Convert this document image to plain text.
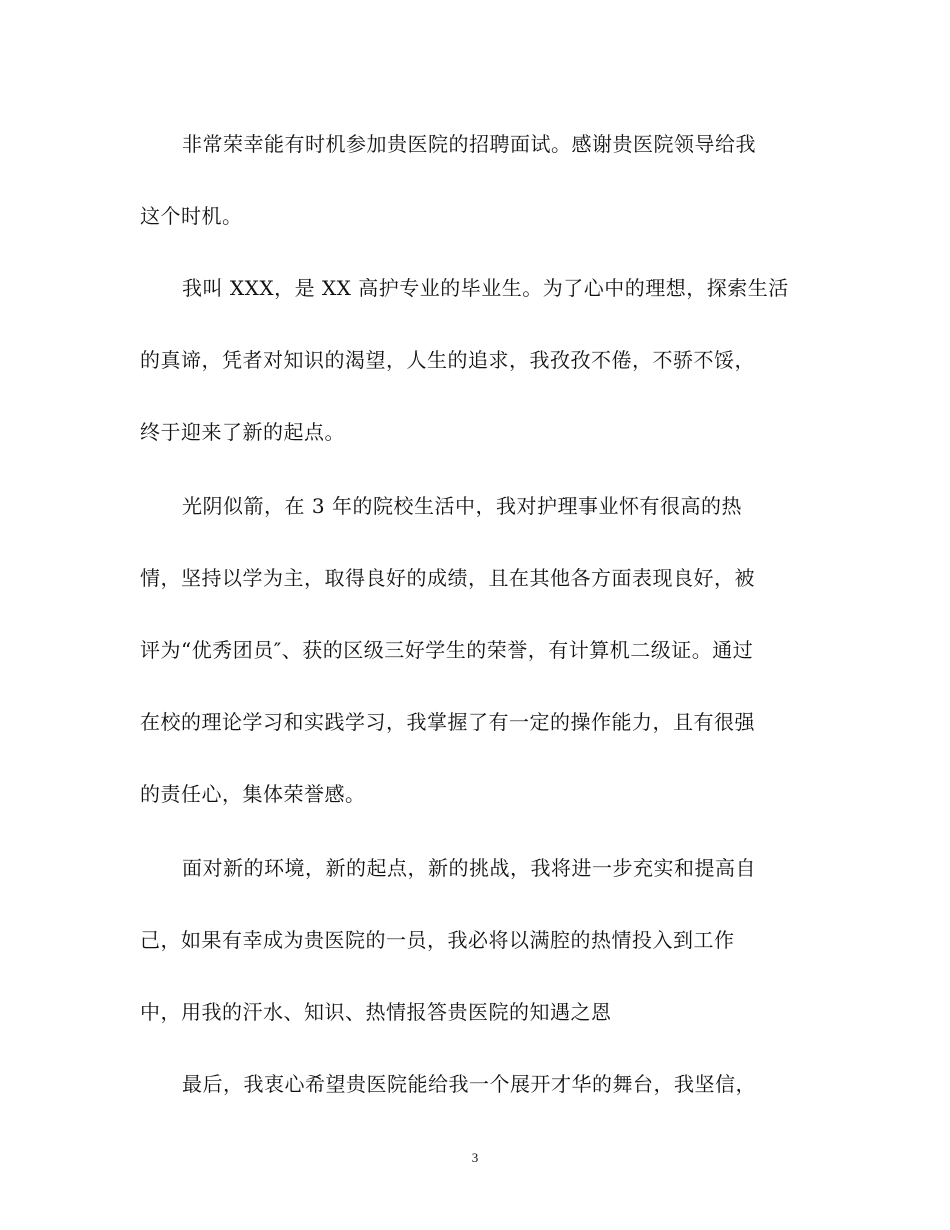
非常荣幸能有时机参加贵医院的招聘面试。感谢贵医院领导给我
这个时机。
我叫 XXX，是 XX 高护专业的毕业生。为了心中的理想，探索生活
的真谛，凭者对知识的渴望，人生的追求，我孜孜不倦，不骄不馁，
终于迎来了新的起点。
光阴似箭，在 3 年的院校生活中，我对护理事业怀有很高的热
情，坚持以学为主，取得良好的成绩，且在其他各方面表现良好，被
评为“优秀团员″、获的区级三好学生的荣誉，有计算机二级证。通过
在校的理论学习和实践学习，我掌握了有一定的操作能力，且有很强
的责任心，集体荣誉感。
面对新的环境，新的起点，新的挑战，我将进一步充实和提高自
己，如果有幸成为贵医院的一员，我必将以满腔的热情投入到工作
中，用我的汗水、知识、热情报答贵医院的知遇之恩
最后，我衷心希望贵医院能给我一个展开才华的舞台，我坚信，
3
